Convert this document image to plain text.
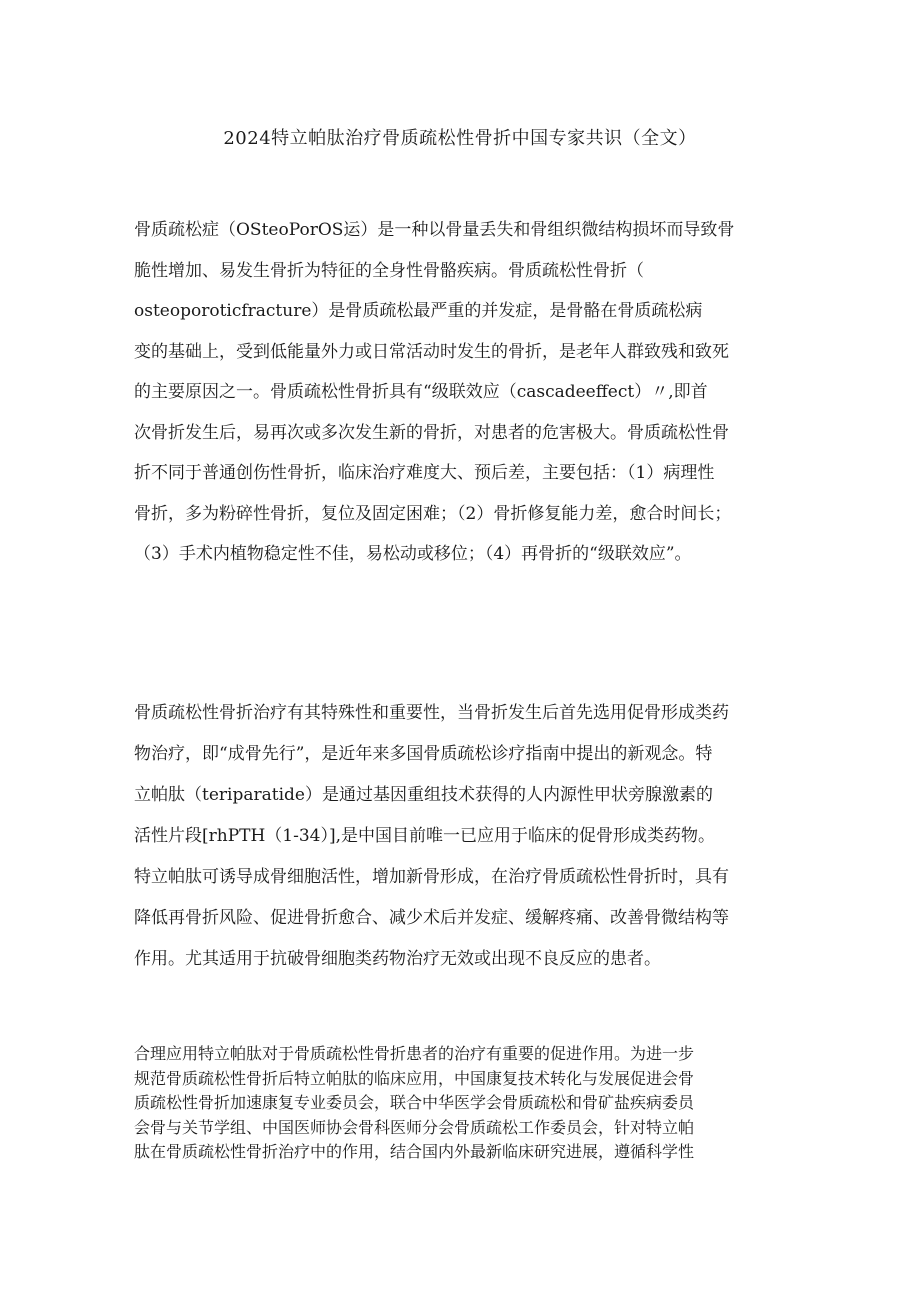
2024特立帕肽治疗骨质疏松性骨折中国专家共识（全文）
骨质疏松症（OSteoPorOS运）是一种以骨量丢失和骨组织微结构损坏而导致骨
脆性增加、易发生骨折为特征的全身性骨骼疾病。骨质疏松性骨折（
osteoporoticfracture）是骨质疏松最严重的并发症，是骨骼在骨质疏松病
变的基础上，受到低能量外力或日常活动时发生的骨折，是老年人群致残和致死
的主要原因之一。骨质疏松性骨折具有“级联效应（cascadeeffect）〃,即首
次骨折发生后，易再次或多次发生新的骨折，对患者的危害极大。骨质疏松性骨
折不同于普通创伤性骨折，临床治疗难度大、预后差，主要包括：（1）病理性
骨折，多为粉碎性骨折，复位及固定困难；（2）骨折修复能力差，愈合时间长；
（3）手术内植物稳定性不佳，易松动或移位；（4）再骨折的“级联效应”。
骨质疏松性骨折治疗有其特殊性和重要性，当骨折发生后首先选用促骨形成类药
物治疗，即“成骨先行”，是近年来多国骨质疏松诊疗指南中提出的新观念。特
立帕肽（teriparatide）是通过基因重组技术获得的人内源性甲状旁腺激素的
活性片段[rhPTH（1-34）],是中国目前唯一已应用于临床的促骨形成类药物。
特立帕肽可诱导成骨细胞活性，增加新骨形成，在治疗骨质疏松性骨折时，具有
降低再骨折风险、促进骨折愈合、减少术后并发症、缓解疼痛、改善骨微结构等
作用。尤其适用于抗破骨细胞类药物治疗无效或出现不良反应的患者。
合理应用特立帕肽对于骨质疏松性骨折患者的治疗有重要的促进作用。为进一步
规范骨质疏松性骨折后特立帕肽的临床应用，中国康复技术转化与发展促进会骨
质疏松性骨折加速康复专业委员会，联合中华医学会骨质疏松和骨矿盐疾病委员
会骨与关节学组、中国医师协会骨科医师分会骨质疏松工作委员会，针对特立帕
肽在骨质疏松性骨折治疗中的作用，结合国内外最新临床研究进展，遵循科学性
